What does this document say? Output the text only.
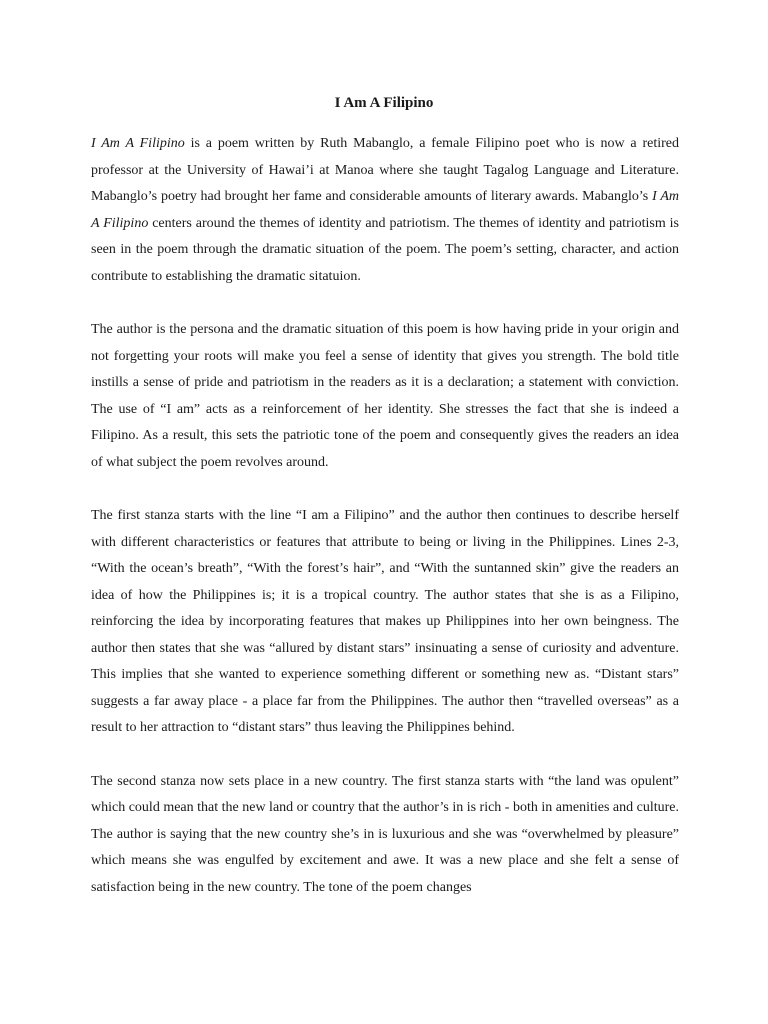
I Am A Filipino

I Am A Filipino is a poem written by Ruth Mabanglo, a female Filipino poet who is now a retired professor at the University of Hawai’i at Manoa where she taught Tagalog Language and Literature. Mabanglo’s poetry had brought her fame and considerable amounts of literary awards. Mabanglo’s I Am A Filipino centers around the themes of identity and patriotism. The themes of identity and patriotism is seen in the poem through the dramatic situation of the poem. The poem’s setting, character, and action contribute to establishing the dramatic sitatuion.

The author is the persona and the dramatic situation of this poem is how having pride in your origin and not forgetting your roots will make you feel a sense of identity that gives you strength. The bold title instills a sense of pride and patriotism in the readers as it is a declaration; a statement with conviction. The use of “I am” acts as a reinforcement of her identity. She stresses the fact that she is indeed a Filipino. As a result, this sets the patriotic tone of the poem and consequently gives the readers an idea of what subject the poem revolves around.

The first stanza starts with the line “I am a Filipino” and the author then continues to describe herself with different characteristics or features that attribute to being or living in the Philippines. Lines 2-3, “With the ocean’s breath”, “With the forest’s hair”, and “With the suntanned skin” give the readers an idea of how the Philippines is; it is a tropical country. The author states that she is as a Filipino, reinforcing the idea by incorporating features that makes up Philippines into her own beingness. The author then states that she was “allured by distant stars” insinuating a sense of curiosity and adventure. This implies that she wanted to experience something different or something new as. “Distant stars” suggests a far away place - a place far from the Philippines. The author then “travelled overseas” as a result to her attraction to “distant stars” thus leaving the Philippines behind.

The second stanza now sets place in a new country. The first stanza starts with “the land was opulent” which could mean that the new land or country that the author’s in is rich - both in amenities and culture. The author is saying that the new country she’s in is luxurious and she was “overwhelmed by pleasure” which means she was engulfed by excitement and awe. It was a new place and she felt a sense of satisfaction being in the new country. The tone of the poem changes
